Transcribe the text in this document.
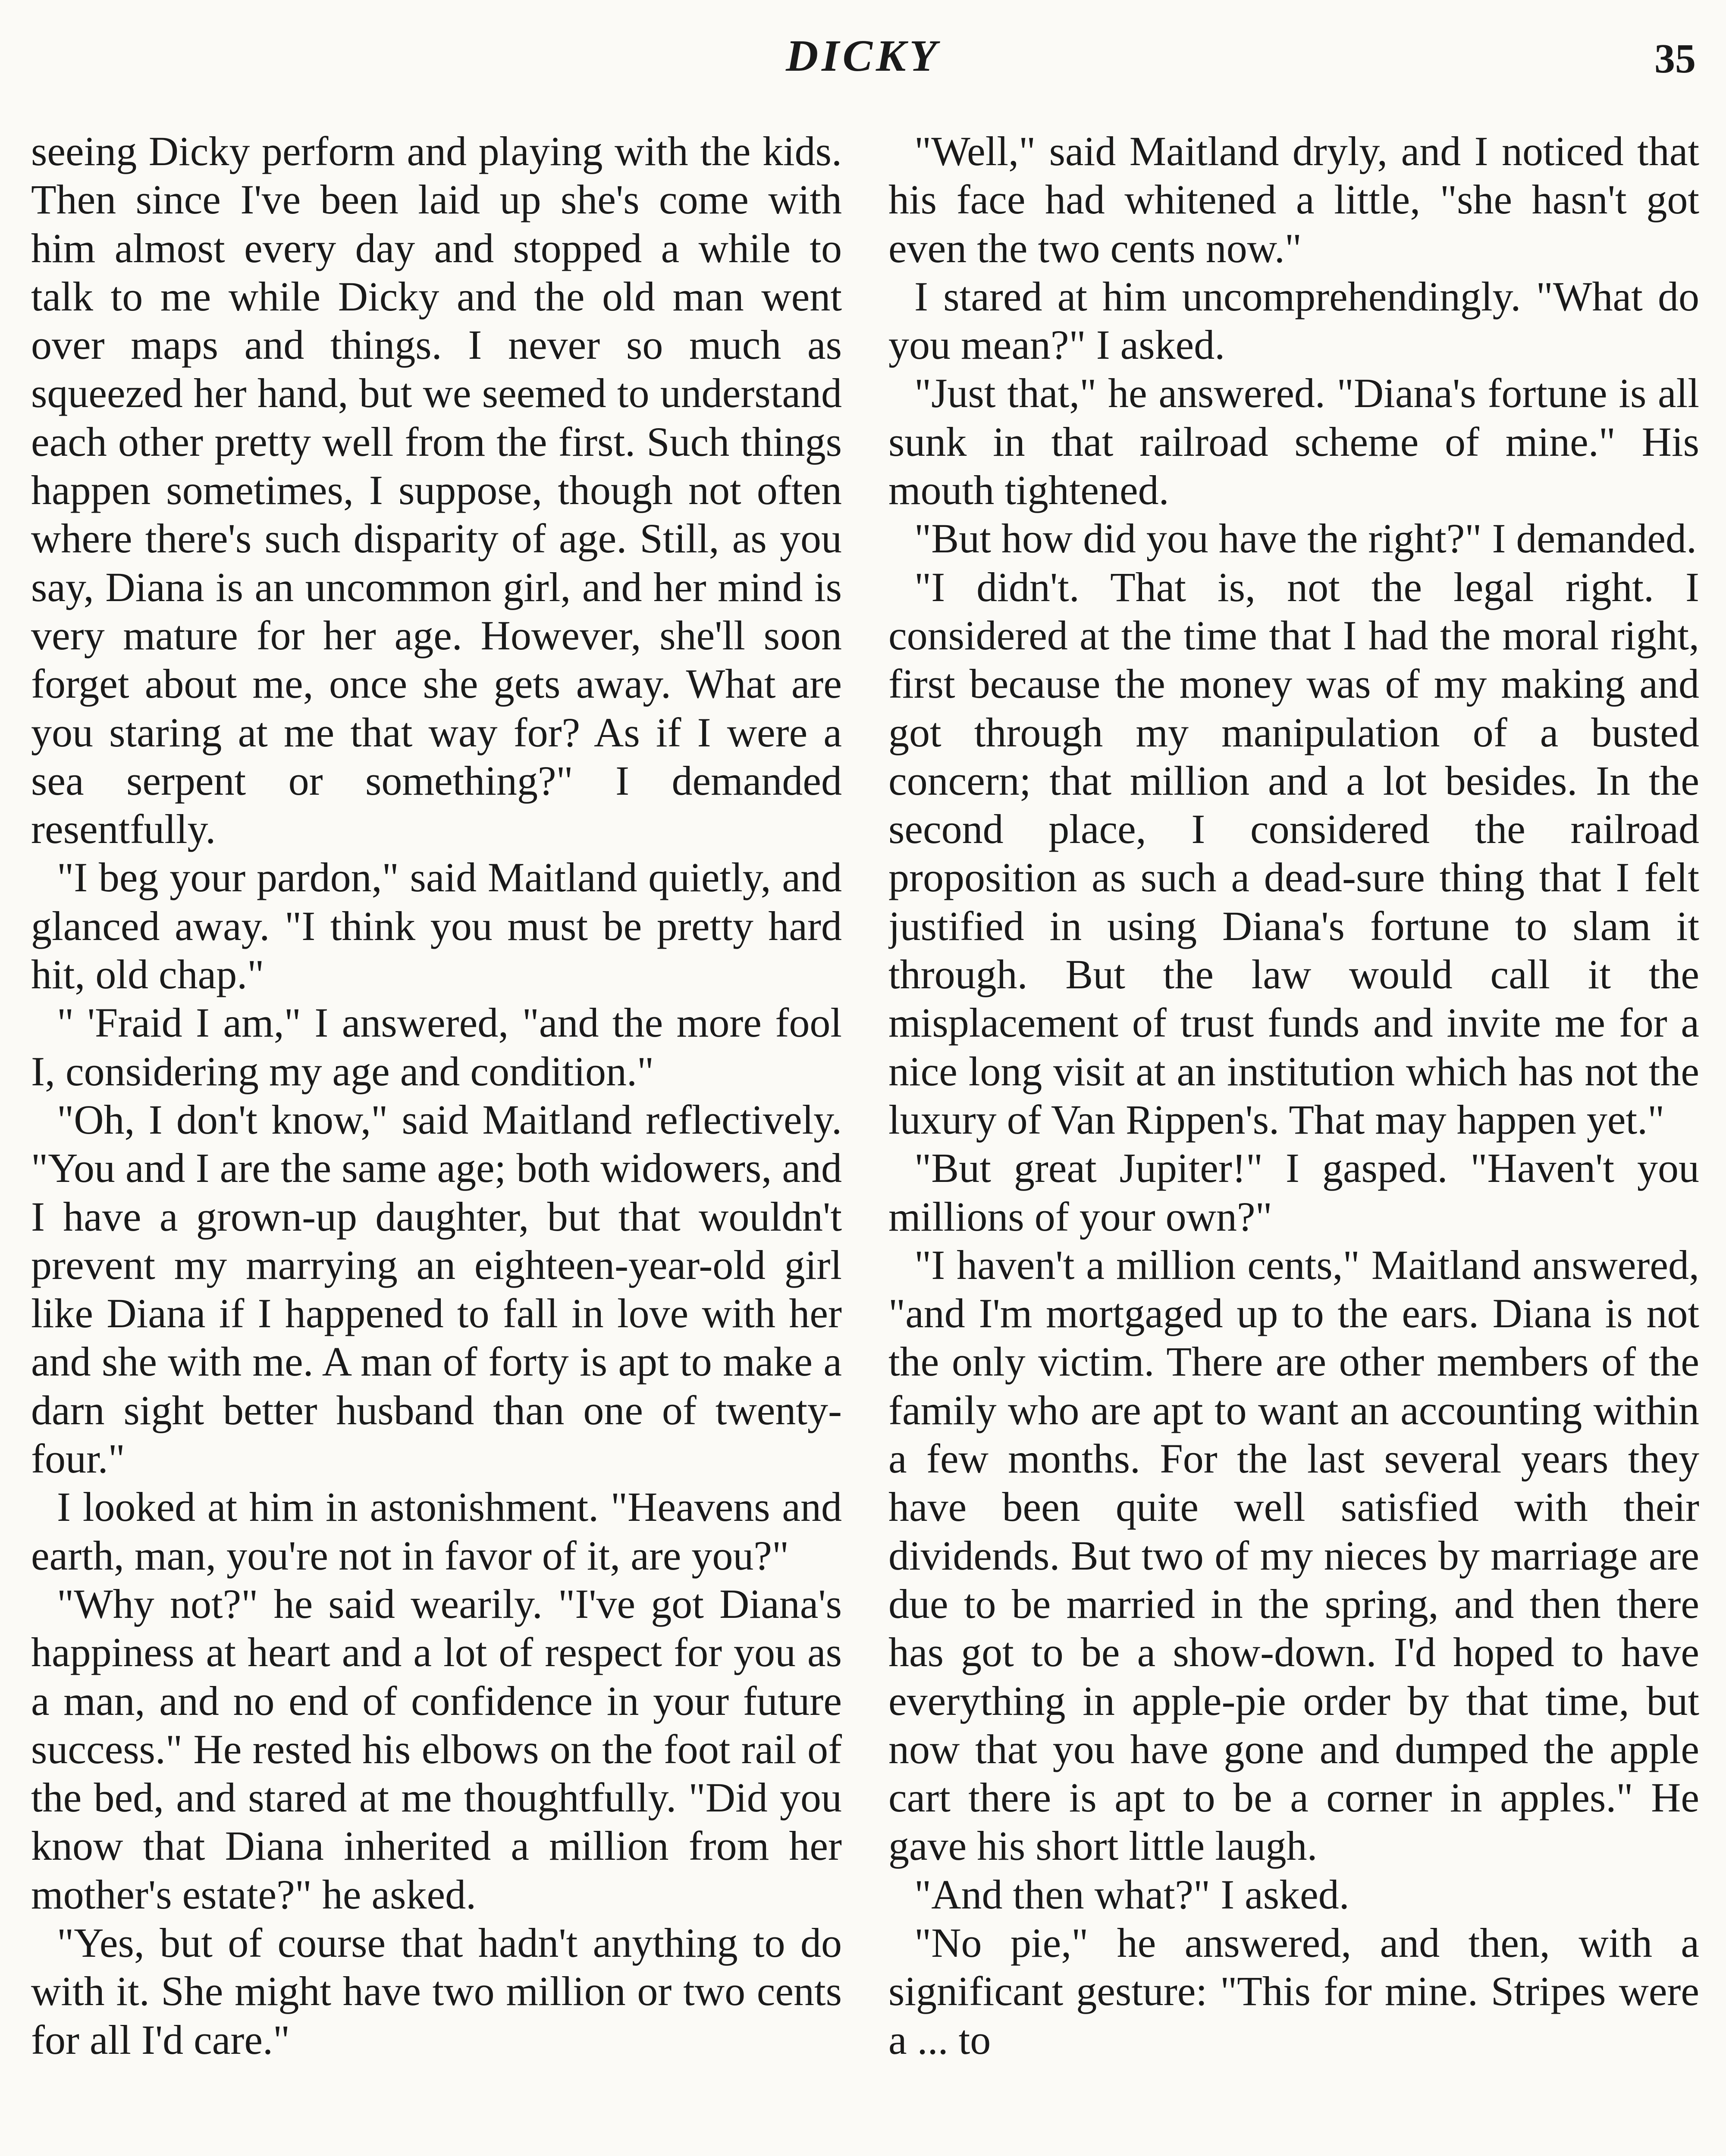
DICKY	35

seeing Dicky perform and playing with the kids. Then since I've been laid up she's come with him almost every day and stopped a while to talk to me while Dicky and the old man went over maps and things. I never so much as squeezed her hand, but we seemed to understand each other pretty well from the first. Such things happen sometimes, I suppose, though not often where there's such disparity of age. Still, as you say, Diana is an uncommon girl, and her mind is very mature for her age. However, she'll soon forget about me, once she gets away. What are you staring at me that way for? As if I were a sea serpent or something?" I demanded resentfully.

"I beg your pardon," said Maitland quietly, and glanced away. "I think you must be pretty hard hit, old chap."

" 'Fraid I am," I answered, "and the more fool I, considering my age and condition."

"Oh, I don't know," said Maitland reflectively. "You and I are the same age; both widowers, and I have a grown-up daughter, but that wouldn't prevent my marrying an eighteen-year-old girl like Diana if I happened to fall in love with her and she with me. A man of forty is apt to make a darn sight better husband than one of twenty-four."

I looked at him in astonishment. "Heavens and earth, man, you're not in favor of it, are you?"

"Why not?" he said wearily. "I've got Diana's happiness at heart and a lot of respect for you as a man, and no end of confidence in your future success." He rested his elbows on the foot rail of the bed, and stared at me thoughtfully. "Did you know that Diana inherited a million from her mother's estate?" he asked.

"Yes, but of course that hadn't anything to do with it. She might have two million or two cents for all I'd care."

"Well," said Maitland dryly, and I noticed that his face had whitened a little, "she hasn't got even the two cents now."

I stared at him uncomprehendingly. "What do you mean?" I asked.

"Just that," he answered. "Diana's fortune is all sunk in that railroad scheme of mine." His mouth tightened.

"But how did you have the right?" I demanded.

"I didn't. That is, not the legal right. I considered at the time that I had the moral right, first because the money was of my making and got through my manipulation of a busted concern; that million and a lot besides. In the second place, I considered the railroad proposition as such a dead-sure thing that I felt justified in using Diana's fortune to slam it through. But the law would call it the misplacement of trust funds and invite me for a nice long visit at an institution which has not the luxury of Van Rippen's. That may happen yet."

"But great Jupiter!" I gasped. "Haven't you millions of your own?"

"I haven't a million cents," Maitland answered, "and I'm mortgaged up to the ears. Diana is not the only victim. There are other members of the family who are apt to want an accounting within a few months. For the last several years they have been quite well satisfied with their dividends. But two of my nieces by marriage are due to be married in the spring, and then there has got to be a show-down. I'd hoped to have everything in apple-pie order by that time, but now that you have gone and dumped the apple cart there is apt to be a corner in apples." He gave his short little laugh.

"And then what?" I asked.

"No pie," he answered, and then, with a significant gesture: "This for mine. Stripes were a ... to
